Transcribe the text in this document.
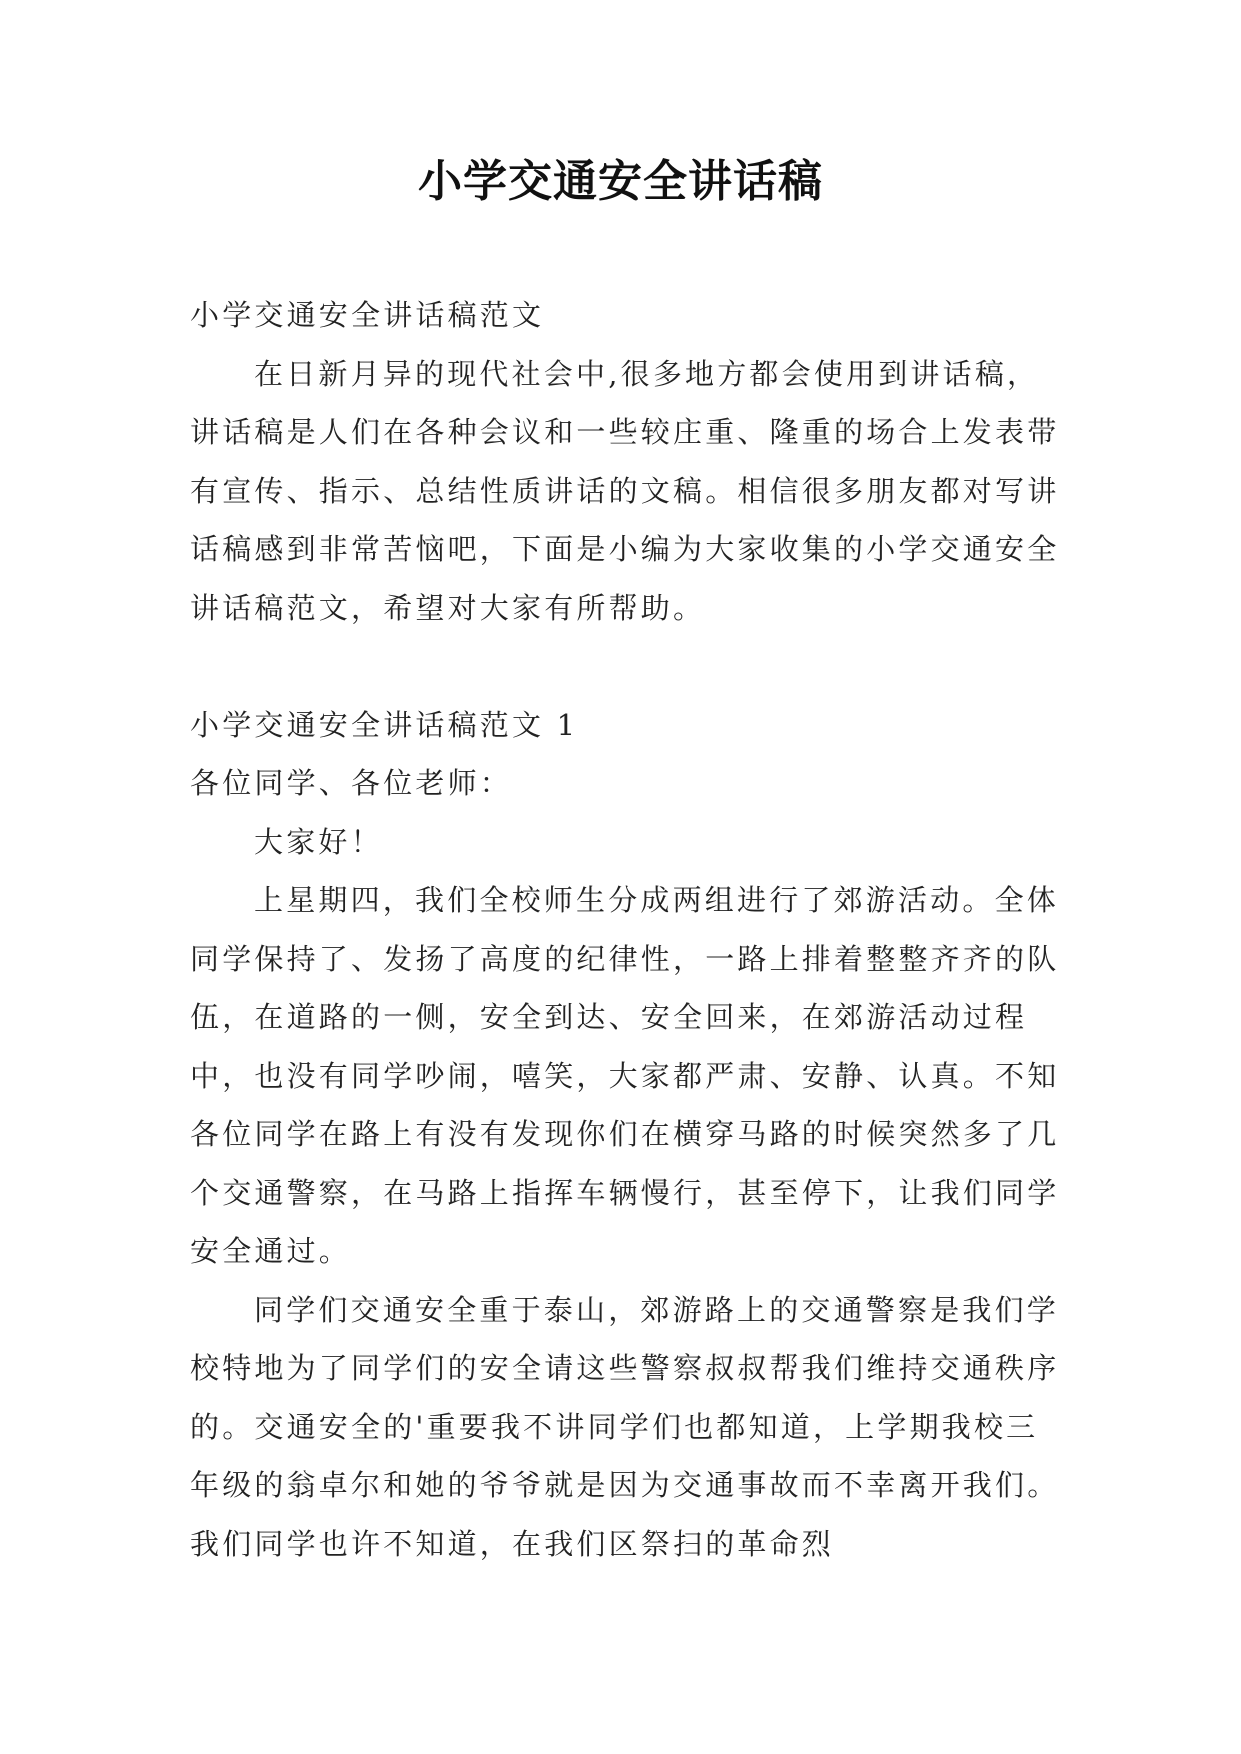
小学交通安全讲话稿

小学交通安全讲话稿范文

在日新月异的现代社会中,很多地方都会使用到讲话稿，讲话稿是人们在各种会议和一些较庄重、隆重的场合上发表带有宣传、指示、总结性质讲话的文稿。相信很多朋友都对写讲话稿感到非常苦恼吧，下面是小编为大家收集的小学交通安全讲话稿范文，希望对大家有所帮助。

小学交通安全讲话稿范文 1

各位同学、各位老师：

大家好！

上星期四，我们全校师生分成两组进行了郊游活动。全体同学保持了、发扬了高度的纪律性，一路上排着整整齐齐的队伍，在道路的一侧，安全到达、安全回来，在郊游活动过程中，也没有同学吵闹，嘻笑，大家都严肃、安静、认真。不知各位同学在路上有没有发现你们在横穿马路的时候突然多了几个交通警察，在马路上指挥车辆慢行，甚至停下，让我们同学安全通过。

同学们交通安全重于泰山，郊游路上的交通警察是我们学校特地为了同学们的安全请这些警察叔叔帮我们维持交通秩序的。交通安全的'重要我不讲同学们也都知道，上学期我校三年级的翁卓尔和她的爷爷就是因为交通事故而不幸离开我们。我们同学也许不知道，在我们区祭扫的革命烈
